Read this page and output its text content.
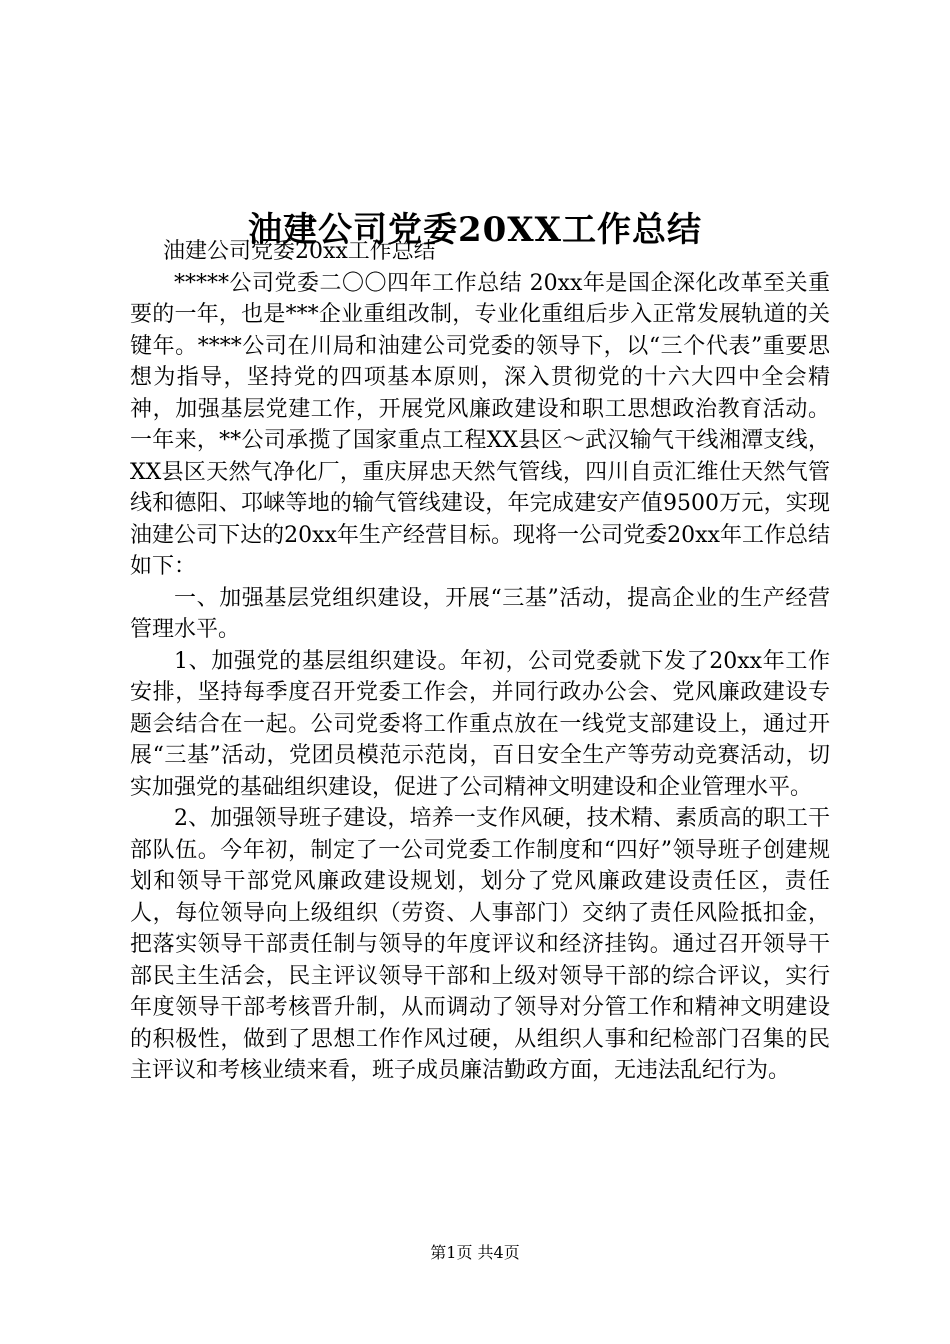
油建公司党委20XX工作总结

油建公司党委20xx工作总结

*****公司党委二〇〇四年工作总结 20xx年是国企深化改革至关重要的一年，也是***企业重组改制，专业化重组后步入正常发展轨道的关键年。****公司在川局和油建公司党委的领导下，以“三个代表”重要思想为指导，坚持党的四项基本原则，深入贯彻党的十六大四中全会精神，加强基层党建工作，开展党风廉政建设和职工思想政治教育活动。一年来，**公司承揽了国家重点工程XX县区～武汉输气干线湘潭支线，XX县区天然气净化厂，重庆屏忠天然气管线，四川自贡汇维仕天然气管线和德阳、邛崃等地的输气管线建设，年完成建安产值9500万元，实现油建公司下达的20xx年生产经营目标。现将一公司党委20xx年工作总结如下：

一、加强基层党组织建设，开展“三基”活动，提高企业的生产经营管理水平。

1、加强党的基层组织建设。年初，公司党委就下发了20xx年工作安排，坚持每季度召开党委工作会，并同行政办公会、党风廉政建设专题会结合在一起。公司党委将工作重点放在一线党支部建设上，通过开展“三基”活动，党团员模范示范岗，百日安全生产等劳动竞赛活动，切实加强党的基础组织建设，促进了公司精神文明建设和企业管理水平。

2、加强领导班子建设，培养一支作风硬，技术精、素质高的职工干部队伍。今年初，制定了一公司党委工作制度和“四好”领导班子创建规划和领导干部党风廉政建设规划，划分了党风廉政建设责任区，责任人，每位领导向上级组织（劳资、人事部门）交纳了责任风险抵扣金，把落实领导干部责任制与领导的年度评议和经济挂钩。通过召开领导干部民主生活会，民主评议领导干部和上级对领导干部的综合评议，实行年度领导干部考核晋升制，从而调动了领导对分管工作和精神文明建设的积极性，做到了思想工作作风过硬，从组织人事和纪检部门召集的民主评议和考核业绩来看，班子成员廉洁勤政方面，无违法乱纪行为。

第1页 共4页
